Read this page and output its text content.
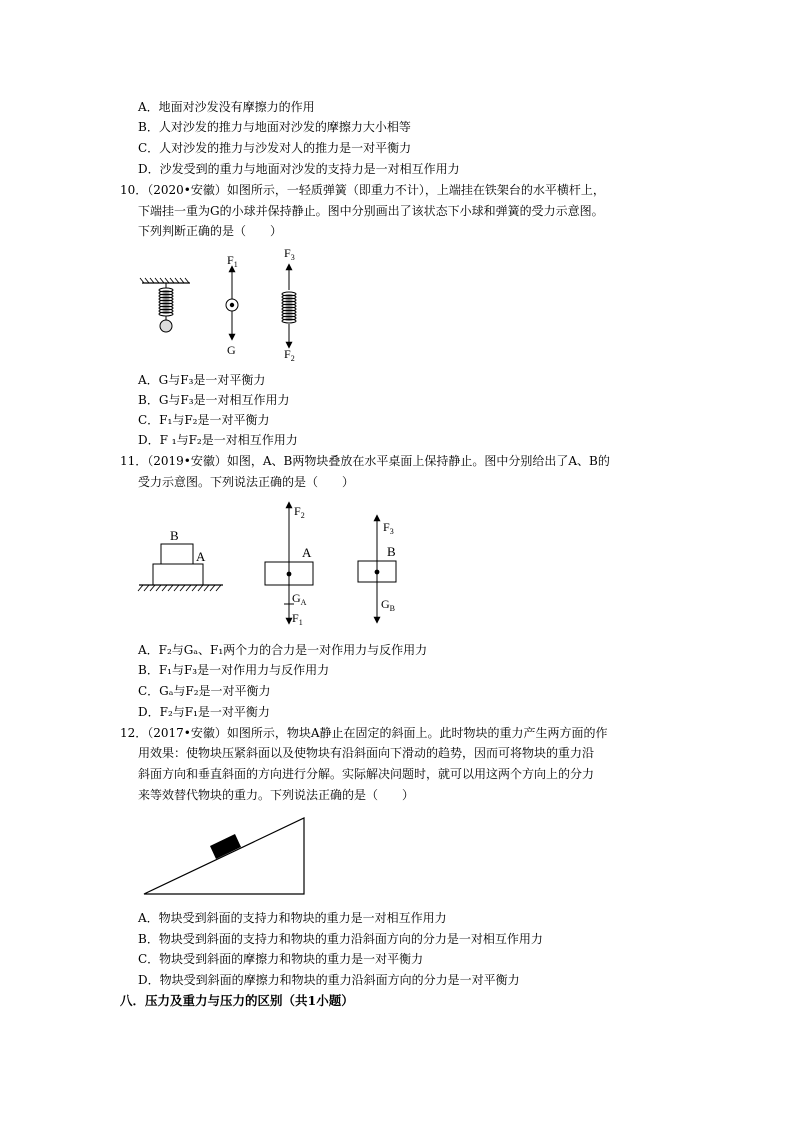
A．地面对沙发没有摩擦力的作用
B．人对沙发的推力与地面对沙发的摩擦力大小相等
C．人对沙发的推力与沙发对人的推力是一对平衡力
D．沙发受到的重力与地面对沙发的支持力是一对相互作用力
10．（2020•安徽）如图所示，一轻质弹簧（即重力不计），上端挂在铁架台的水平横杆上，
下端挂一重为G的小球并保持静止。图中分别画出了该状态下小球和弹簧的受力示意图。
下列判断正确的是（　　）
$F_1$
G
$F_3$
$F_2$
A．G与F₃是一对平衡力
B．G与F₃是一对相互作用力
C．F₁与F₂是一对平衡力
D．F ₁与F₂是一对相互作用力
11．（2019•安徽）如图，A、B两物块叠放在水平桌面上保持静止。图中分别给出了A、B的
受力示意图。下列说法正确的是（　　）
B
A
$F_2$
A
$G_A$
$F_1$
$F_3$
B
$G_B$
A．F₂与Gₐ、F₁两个力的合力是一对作用力与反作用力
B．F₁与F₃是一对作用力与反作用力
C．Gₐ与F₂是一对平衡力
D．F₂与F₁是一对平衡力
12．（2017•安徽）如图所示，物块A静止在固定的斜面上。此时物块的重力产生两方面的作
用效果：使物块压紧斜面以及使物块有沿斜面向下滑动的趋势，因而可将物块的重力沿
斜面方向和垂直斜面的方向进行分解。实际解决问题时，就可以用这两个方向上的分力
来等效替代物块的重力。下列说法正确的是（　　）
A．物块受到斜面的支持力和物块的重力是一对相互作用力
B．物块受到斜面的支持力和物块的重力沿斜面方向的分力是一对相互作用力
C．物块受到斜面的摩擦力和物块的重力是一对平衡力
D．物块受到斜面的摩擦力和物块的重力沿斜面方向的分力是一对平衡力
八．压力及重力与压力的区别（共1小题）
